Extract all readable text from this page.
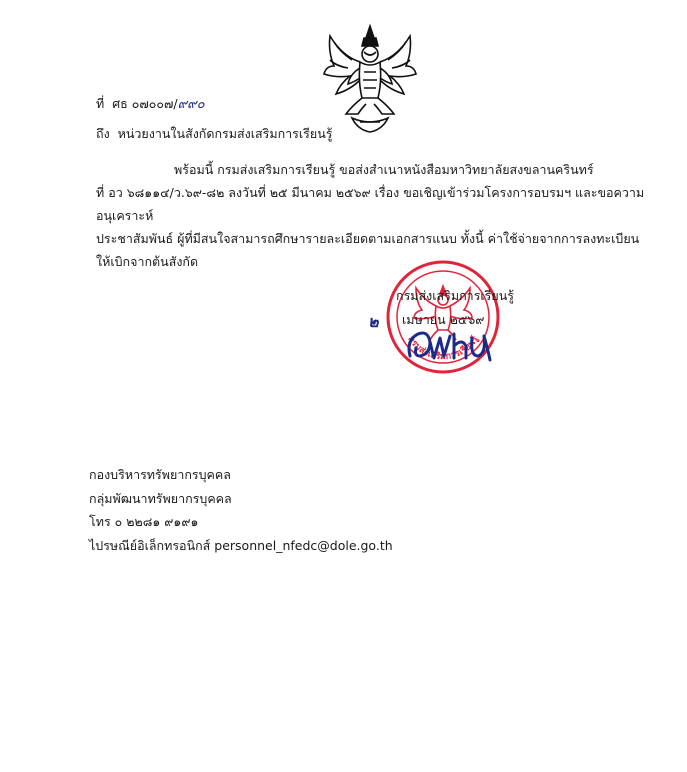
ที่ ศธ ๐๗๐๐๗/๙๙๐
ถึง หน่วยงานในสังกัดกรมส่งเสริมการเรียนรู้
พร้อมนี้ กรมส่งเสริมการเรียนรู้ ขอส่งสำเนาหนังสือมหาวิทยาลัยสงขลานครินทร์
ที่ อว ๖๘๑๑๔/ว.๖๙-๘๒ ลงวันที่ ๒๕ มีนาคม ๒๕๖๙ เรื่อง ขอเชิญเข้าร่วมโครงการอบรมฯ และขอความอนุเคราะห์
ประชาสัมพันธ์ ผู้ที่มีสนใจสามารถศึกษารายละเอียดตามเอกสารแนบ ทั้งนี้ ค่าใช้จ่ายจากการลงทะเบียน
ให้เบิกจากต้นสังกัด
กรมส่งเสริมการเรียนรู้
กรมส่งเสริมการเรียนรู้
เมษายน ๒๕๖๙
๒
กองบริหารทรัพยากรบุคคล
กลุ่มพัฒนาทรัพยากรบุคคล
โทร ๐ ๒๒๘๑ ๙๑๙๑
ไปรษณีย์อิเล็กทรอนิกส์ personnel_nfedc@dole.go.th
